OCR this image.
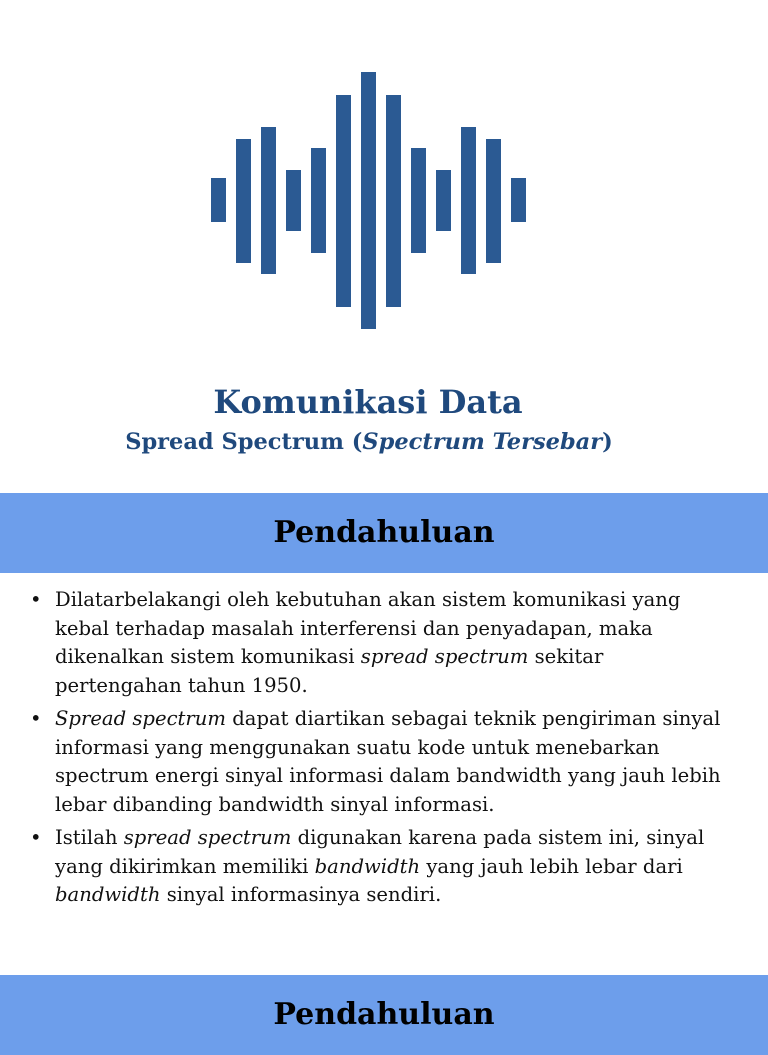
Komunikasi Data
Spread Spectrum (Spectrum Tersebar)
Pendahuluan
• Dilatarbelakangi oleh kebutuhan akan sistem komunikasi yang kebal terhadap masalah interferensi dan penyadapan, maka dikenalkan sistem komunikasi spread spectrum sekitar pertengahan tahun 1950.
• Spread spectrum dapat diartikan sebagai teknik pengiriman sinyal informasi yang menggunakan suatu kode untuk menebarkan spectrum energi sinyal informasi dalam bandwidth yang jauh lebih lebar dibanding bandwidth sinyal informasi.
• Istilah spread spectrum digunakan karena pada sistem ini, sinyal yang dikirimkan memiliki bandwidth yang jauh lebih lebar dari bandwidth sinyal informasinya sendiri.
Pendahuluan
